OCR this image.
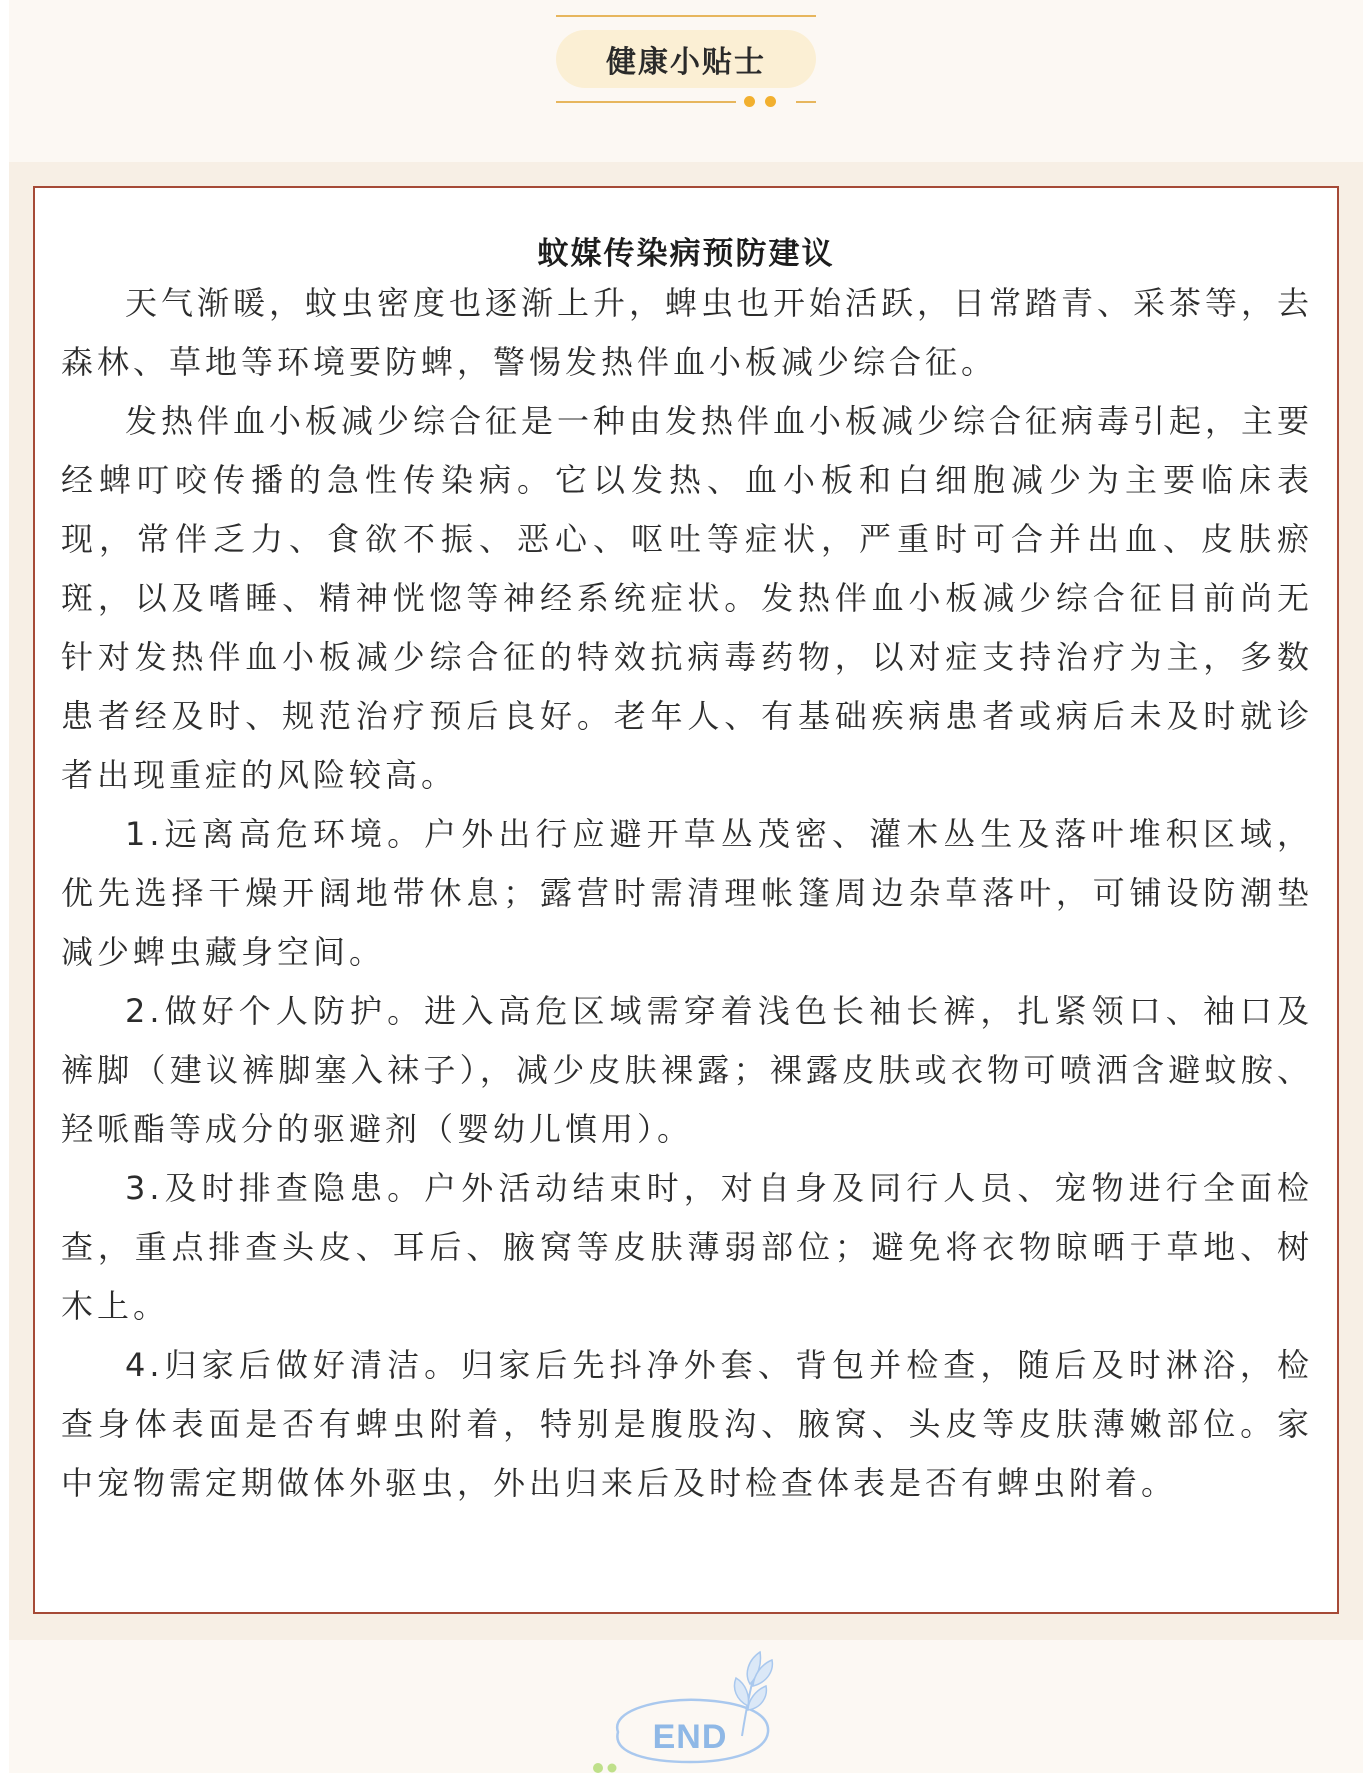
健康小贴士
蚊媒传染病预防建议

天气渐暖，蚊虫密度也逐渐上升，蜱虫也开始活跃，日常踏青、采茶等，去森林、草地等环境要防蜱，警惕发热伴血小板减少综合征。

发热伴血小板减少综合征是一种由发热伴血小板减少综合征病毒引起，主要经蜱叮咬传播的急性传染病。它以发热、血小板和白细胞减少为主要临床表现，常伴乏力、食欲不振、恶心、呕吐等症状，严重时可合并出血、皮肤瘀斑，以及嗜睡、精神恍惚等神经系统症状。发热伴血小板减少综合征目前尚无针对发热伴血小板减少综合征的特效抗病毒药物，以对症支持治疗为主，多数患者经及时、规范治疗预后良好。老年人、有基础疾病患者或病后未及时就诊者出现重症的风险较高。

1.远离高危环境。户外出行应避开草丛茂密、灌木丛生及落叶堆积区域，优先选择干燥开阔地带休息；露营时需清理帐篷周边杂草落叶，可铺设防潮垫减少蜱虫藏身空间。

2.做好个人防护。进入高危区域需穿着浅色长袖长裤，扎紧领口、袖口及裤脚（建议裤脚塞入袜子），减少皮肤裸露；裸露皮肤或衣物可喷洒含避蚊胺、羟哌酯等成分的驱避剂（婴幼儿慎用）。

3.及时排查隐患。户外活动结束时，对自身及同行人员、宠物进行全面检查，重点排查头皮、耳后、腋窝等皮肤薄弱部位；避免将衣物晾晒于草地、树木上。

4.归家后做好清洁。归家后先抖净外套、背包并检查，随后及时淋浴，检查身体表面是否有蜱虫附着，特别是腹股沟、腋窝、头皮等皮肤薄嫩部位。家中宠物需定期做体外驱虫，外出归来后及时检查体表是否有蜱虫附着。

END
